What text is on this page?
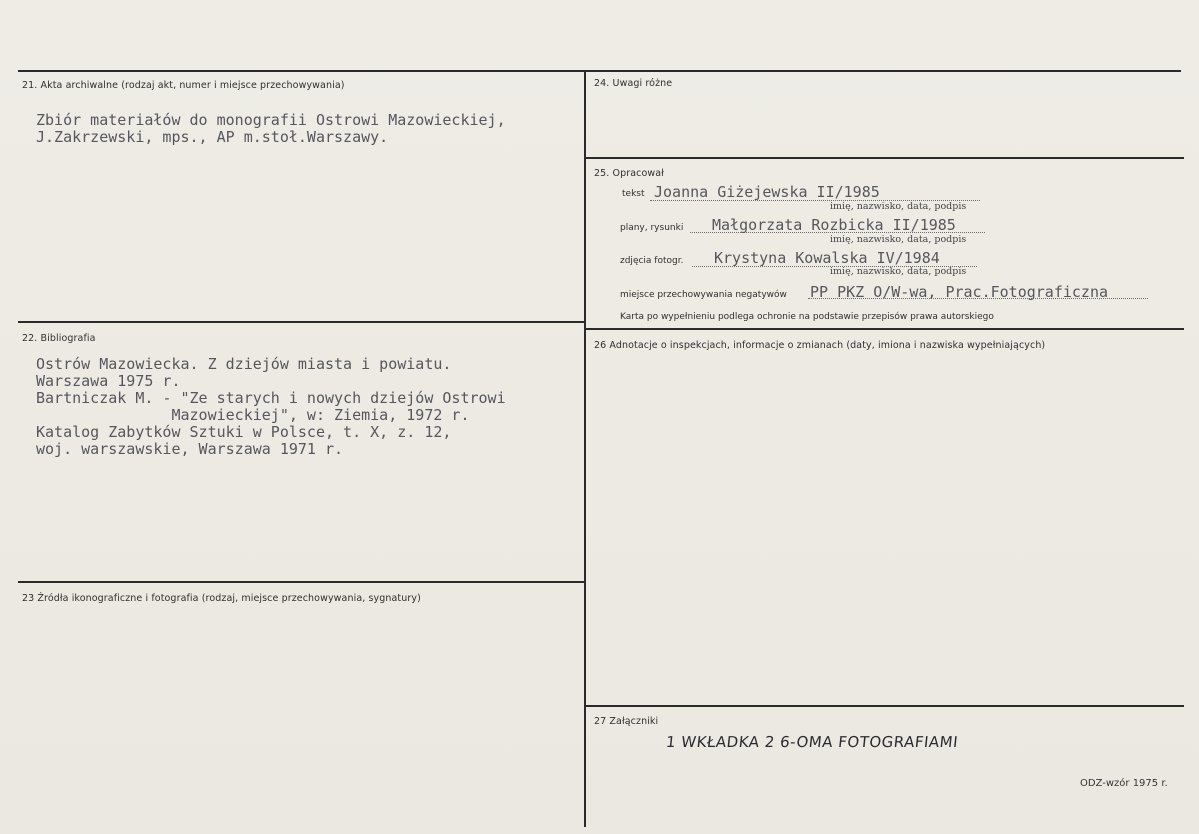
21. Akta archiwalne (rodzaj akt, numer i miejsce przechowywania)
Zbiór materiałów do monografii Ostrowi Mazowieckiej,
J.Zakrzewski, mps., AP m.stoł.Warszawy.
22. Bibliografia
Ostrów Mazowiecka. Z dziejów miasta i powiatu.
Warszawa 1975 r.
Bartniczak M. - "Ze starych i nowych dziejów Ostrowi
Mazowieckiej", w: Ziemia, 1972 r.
Katalog Zabytków Sztuki w Polsce, t. X, z. 12,
woj. warszawskie, Warszawa 1971 r.
23 Źródła ikonograficzne i fotografia (rodzaj, miejsce przechowywania, sygnatury)
24. Uwagi różne
25. Opracował
tekst Joanna Giżejewska II/1985
imię, nazwisko, data, podpis
plany, rysunki Małgorzata Rozbicka II/1985
imię, nazwisko, data, podpis
zdjęcia fotogr. Krystyna Kowalska IV/1984
imię, nazwisko, data, podpis
miejsce przechowywania negatywów PP PKZ O/W-wa, Prac.Fotograficzna
Karta po wypełnieniu podlega ochronie na podstawie przepisów prawa autorskiego
26 Adnotacje o inspekcjach, informacje o zmianach (daty, imiona i nazwiska wypełniających)
27 Załączniki
1 WKŁADKA 2 6-OMA FOTOGRAFIAMI
ODZ-wzór 1975 r.
